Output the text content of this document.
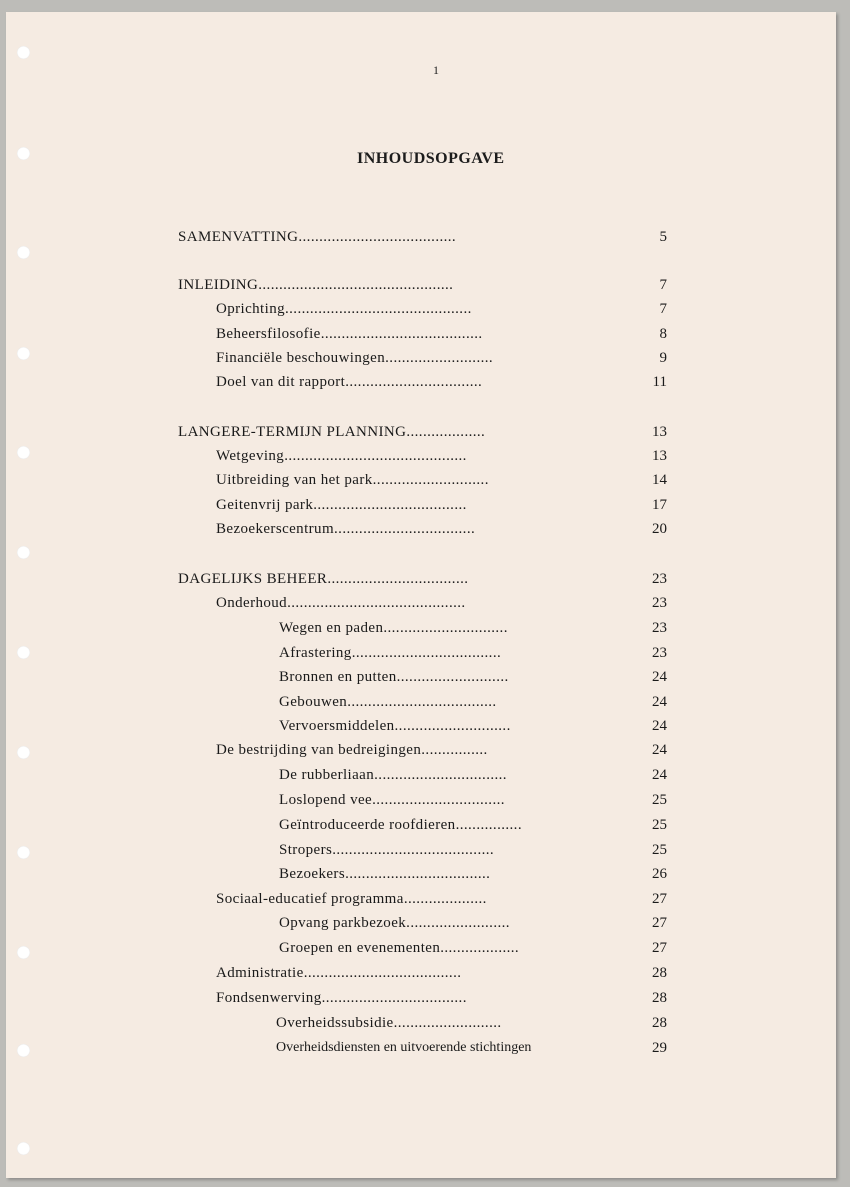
1
INHOUDSOPGAVE
SAMENVATTING......................................	5
INLEIDING...............................................	7
Oprichting.............................................	7
Beheersfilosofie.......................................	8
Financiële beschouwingen..........................	9
Doel van dit rapport.................................	11
LANGERE-TERMIJN PLANNING...................	13
Wetgeving............................................	13
Uitbreiding van het park............................	14
Geitenvrij park.....................................	17
Bezoekerscentrum..................................	20
DAGELIJKS BEHEER..................................	23
Onderhoud...........................................	23
Wegen en paden..............................	23
Afrastering....................................	23
Bronnen en putten...........................	24
Gebouwen....................................	24
Vervoersmiddelen............................	24
De bestrijding van bedreigingen................	24
De rubberliaan................................	24
Loslopend vee................................	25
Geïntroduceerde roofdieren................	25
Stropers.......................................	25
Bezoekers...................................	26
Sociaal-educatief programma....................	27
Opvang parkbezoek.........................	27
Groepen en evenementen...................	27
Administratie......................................	28
Fondsenwerving...................................	28
Overheidssubsidie..........................	28
Overheidsdiensten en uitvoerende stichtingen	29
